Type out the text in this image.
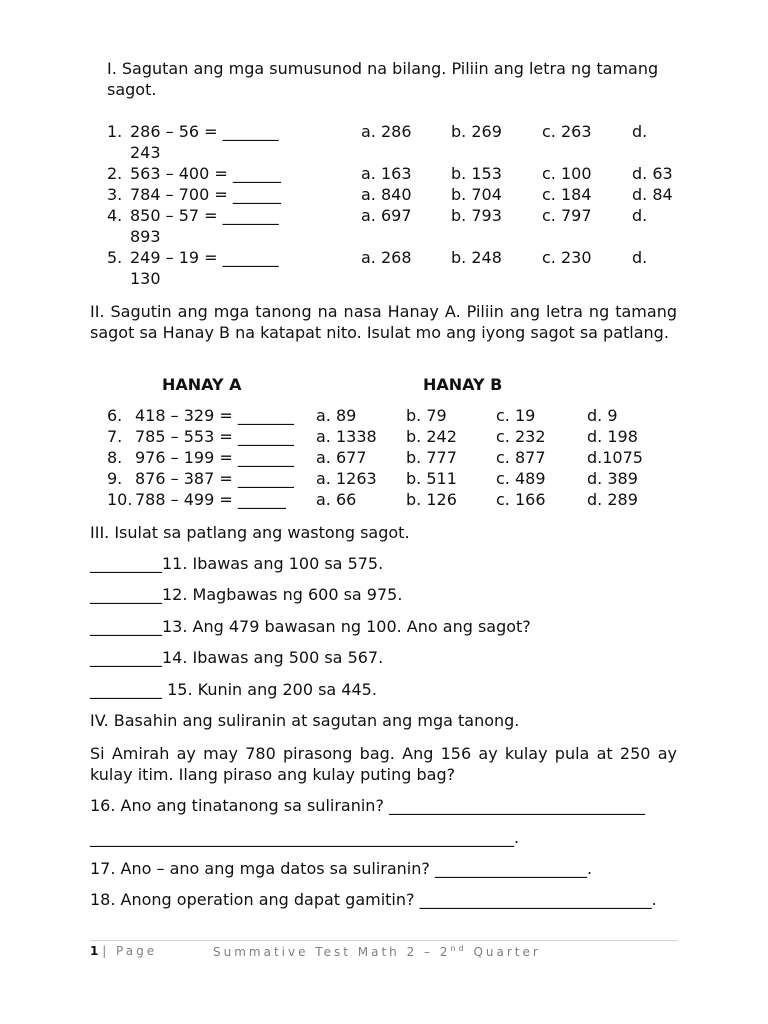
I. Sagutan ang mga sumusunod na bilang. Piliin ang letra ng tamang
sagot.
1. 286 – 56 = _______	a. 286 b. 269	c. 263	d.
243
2. 563 – 400 = ______	a. 163 b. 153	c. 100	d. 63
3. 784 – 700 = ______	a. 840 b. 704	c. 184	d. 84
4. 850 – 57 = _______	a. 697 b. 793	c. 797	d.
893
5. 249 – 19 = _______	a. 268 b. 248	c. 230	d.
130
II. Sagutin ang mga tanong na nasa Hanay A. Piliin ang letra ng tamang sagot sa Hanay B na katapat nito. Isulat mo ang iyong sagot sa patlang.
HANAY A	HANAY B
6. 418 – 329 = _______ a. 89	b. 79	c. 19	d. 9
7. 785 – 553 = _______ a. 1338 b. 242 c. 232	d. 198
8. 976 – 199 = _______ a. 677 b. 777 c. 877	d.1075
9. 876 – 387 = _______ a. 1263 b. 511 c. 489	d. 389
10. 788 – 499 = ______ a. 66	b. 126 c. 166	d. 289
III. Isulat sa patlang ang wastong sagot.
_________11. Ibawas ang 100 sa 575.
_________12. Magbawas ng 600 sa 975.
_________13. Ang 479 bawasan ng 100. Ano ang sagot?
_________14. Ibawas ang 500 sa 567.
_________ 15. Kunin ang 200 sa 445.
IV. Basahin ang suliranin at sagutan ang mga tanong.
Si Amirah ay may 780 pirasong bag. Ang 156 ay kulay pula at 250 ay kulay itim. Ilang piraso ang kulay puting bag?
16. Ano ang tinatanong sa suliranin? ________________________________
_____________________________________________________.
17. Ano – ano ang mga datos sa suliranin? ___________________.
18. Anong operation ang dapat gamitin? _____________________________.
1 | Page	Summative Test Math 2 – 2nd Quarter
